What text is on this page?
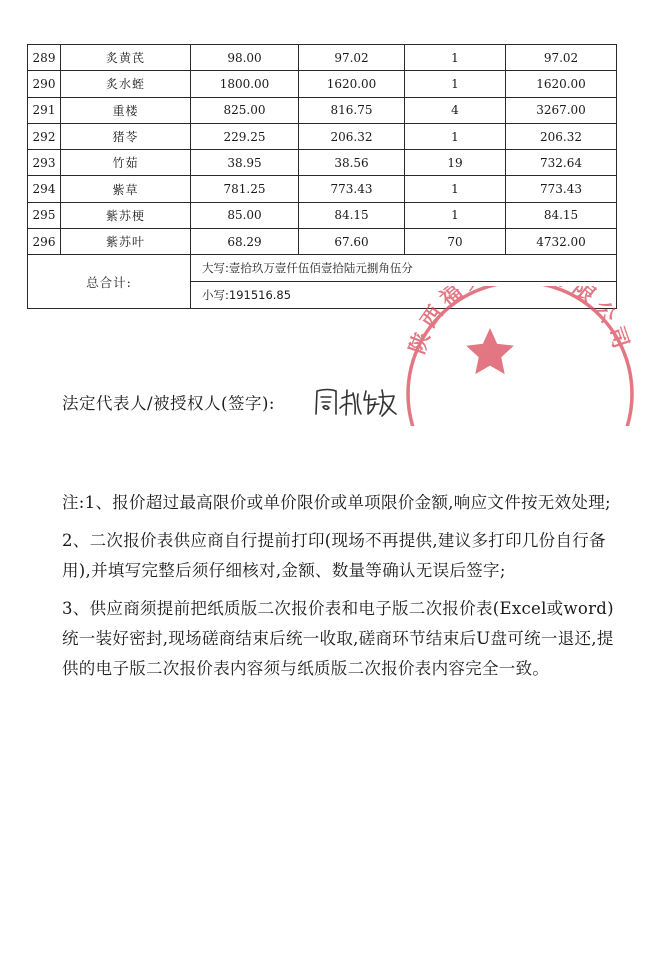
289	炙黄芪	98.00	97.02	1	97.02
290	炙水蛭	1800.00	1620.00	1	1620.00
291	重楼	825.00	816.75	4	3267.00
292	猪苓	229.25	206.32	1	206.32
293	竹茹	38.95	38.56	19	732.64
294	紫草	781.25	773.43	1	773.43
295	紫苏梗	85.00	84.15	1	84.15
296	紫苏叶	68.29	67.60	70	4732.00
总合计:		大写:壹拾玖万壹仟伍佰壹拾陆元捌角伍分			
		小写:191516.85			
陕西福 限公司
法定代表人/被授权人(签字):

注:1、报价超过最高限价或单价限价或单项限价金额,响应文件按无效处理;

2、二次报价表供应商自行提前打印(现场不再提供,建议多打印几份自行备用),并填写完整后须仔细核对,金额、数量等确认无误后签字;

3、供应商须提前把纸质版二次报价表和电子版二次报价表(Excel或word)统一装好密封,现场磋商结束后统一收取,磋商环节结束后U盘可统一退还,提供的电子版二次报价表内容须与纸质版二次报价表内容完全一致。
